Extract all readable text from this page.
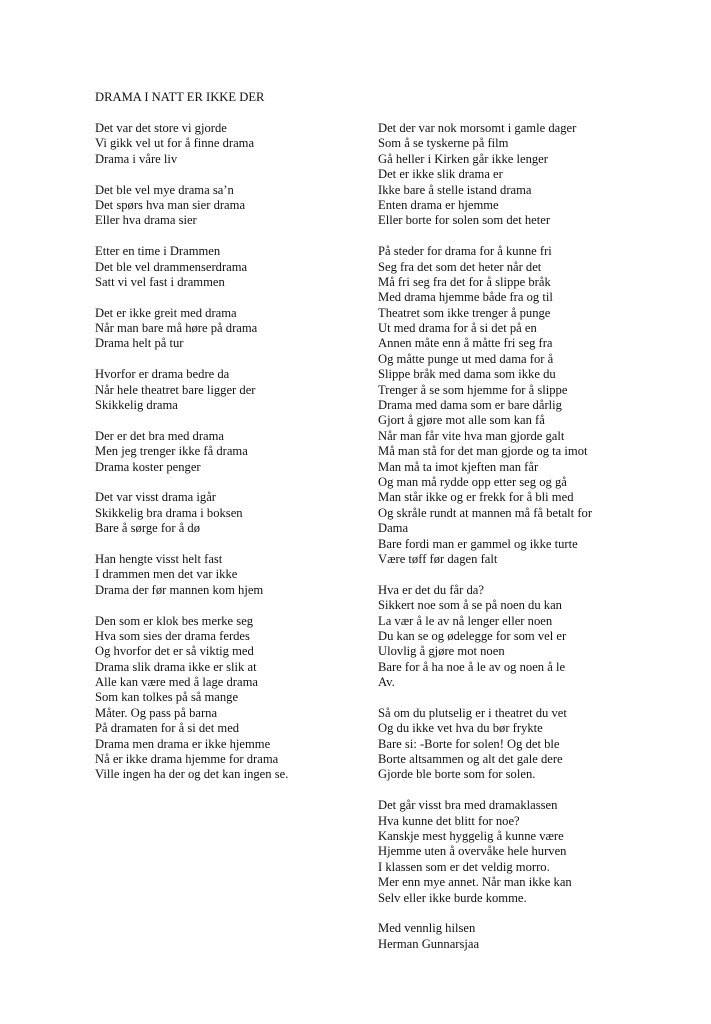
DRAMA I NATT ER IKKE DER

Det var det store vi gjorde
Vi gikk vel ut for å finne drama
Drama i våre liv

Det ble vel mye drama sa’n
Det spørs hva man sier drama
Eller hva drama sier

Etter en time i Drammen
Det ble vel drammenserdrama
Satt vi vel fast i drammen

Det er ikke greit med drama
Når man bare må høre på drama
Drama helt på tur

Hvorfor er drama bedre da
Når hele theatret bare ligger der
Skikkelig drama

Der er det bra med drama
Men jeg trenger ikke få drama
Drama koster penger

Det var visst drama igår
Skikkelig bra drama i boksen
Bare å sørge for å dø

Han hengte visst helt fast
I drammen men det var ikke
Drama der før mannen kom hjem

Den som er klok bes merke seg
Hva som sies der drama ferdes
Og hvorfor det er så viktig med
Drama slik drama ikke er slik at
Alle kan være med å lage drama
Som kan tolkes på så mange
Måter. Og pass på barna
På dramaten for å si det med
Drama men drama er ikke hjemme
Nå er ikke drama hjemme for drama
Ville ingen ha der og det kan ingen se.

Det der var nok morsomt i gamle dager
Som å se tyskerne på film
Gå heller i Kirken går ikke lenger
Det er ikke slik drama er
Ikke bare å stelle istand drama
Enten drama er hjemme
Eller borte for solen som det heter

På steder for drama for å kunne fri
Seg fra det som det heter når det
Må fri seg fra det for å slippe bråk
Med drama hjemme både fra og til
Theatret som ikke trenger å punge
Ut med drama for å si det på en
Annen måte enn å måtte fri seg fra
Og måtte punge ut med dama for å
Slippe bråk med dama som ikke du
Trenger å se som hjemme for å slippe
Drama med dama som er bare dårlig
Gjort å gjøre mot alle som kan få
Når man får vite hva man gjorde galt
Må man stå for det man gjorde og ta imot
Man må ta imot kjeften man får
Og man må rydde opp etter seg og gå
Man står ikke og er frekk for å bli med
Og skråle rundt at mannen må få betalt for
Dama
Bare fordi man er gammel og ikke turte
Være tøff før dagen falt

Hva er det du får da?
Sikkert noe som å se på noen du kan
La vær å le av nå lenger eller noen
Du kan se og ødelegge for som vel er
Ulovlig å gjøre mot noen
Bare for å ha noe å le av og noen å le
Av.

Så om du plutselig er i theatret du vet
Og du ikke vet hva du bør frykte
Bare si: -Borte for solen! Og det ble
Borte altsammen og alt det gale dere
Gjorde ble borte som for solen.

Det går visst bra med dramaklassen
Hva kunne det blitt for noe?
Kanskje mest hyggelig å kunne være
Hjemme uten å overvåke hele hurven
I klassen som er det veldig morro.
Mer enn mye annet. Når man ikke kan
Selv eller ikke burde komme.

Med vennlig hilsen
Herman Gunnarsjaa
